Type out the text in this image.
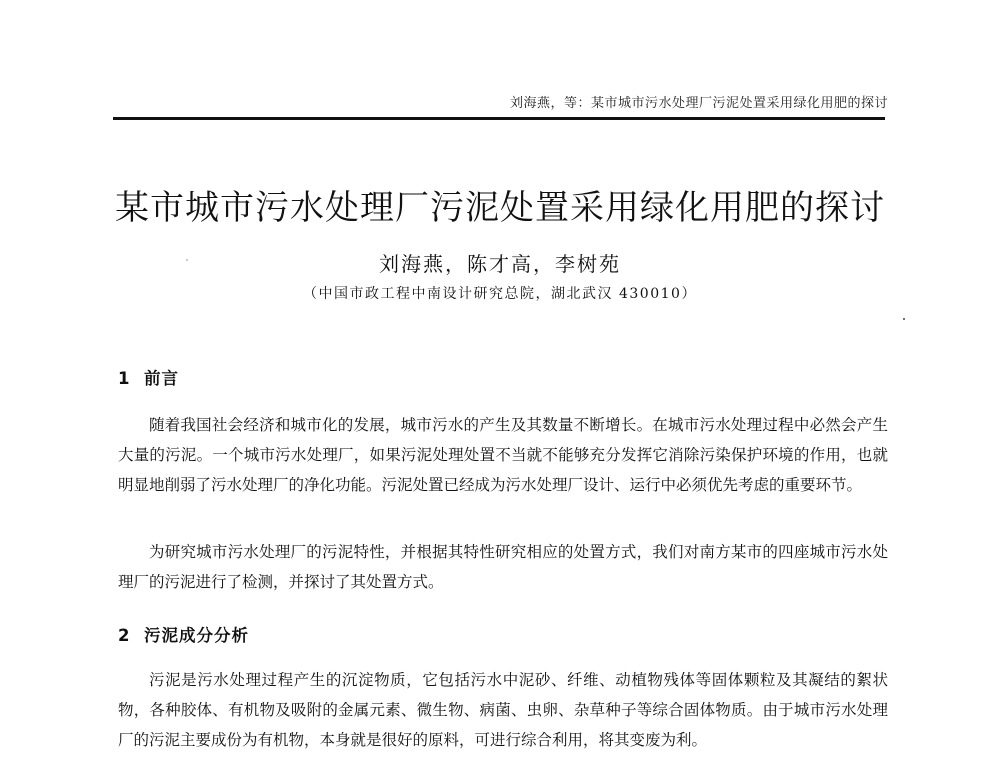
刘海燕，等：某市城市污水处理厂污泥处置采用绿化用肥的探讨
某市城市污水处理厂污泥处置采用绿化用肥的探讨
刘海燕，陈才高，李树苑
（中国市政工程中南设计研究总院，湖北武汉 430010）
1 前言

随着我国社会经济和城市化的发展，城市污水的产生及其数量不断增长。在城市污水处理过程中必然会产生大量的污泥。一个城市污水处理厂，如果污泥处理处置不当就不能够充分发挥它消除污染保护环境的作用，也就明显地削弱了污水处理厂的净化功能。污泥处置已经成为污水处理厂设计、运行中必须优先考虑的重要环节。

为研究城市污水处理厂的污泥特性，并根据其特性研究相应的处置方式，我们对南方某市的四座城市污水处理厂的污泥进行了检测，并探讨了其处置方式。

2 污泥成分分析

污泥是污水处理过程产生的沉淀物质，它包括污水中泥砂、纤维、动植物残体等固体颗粒及其凝结的絮状物，各种胶体、有机物及吸附的金属元素、微生物、病菌、虫卵、杂草种子等综合固体物质。由于城市污水处理厂的污泥主要成份为有机物，本身就是很好的原料，可进行综合利用，将其变废为利。
